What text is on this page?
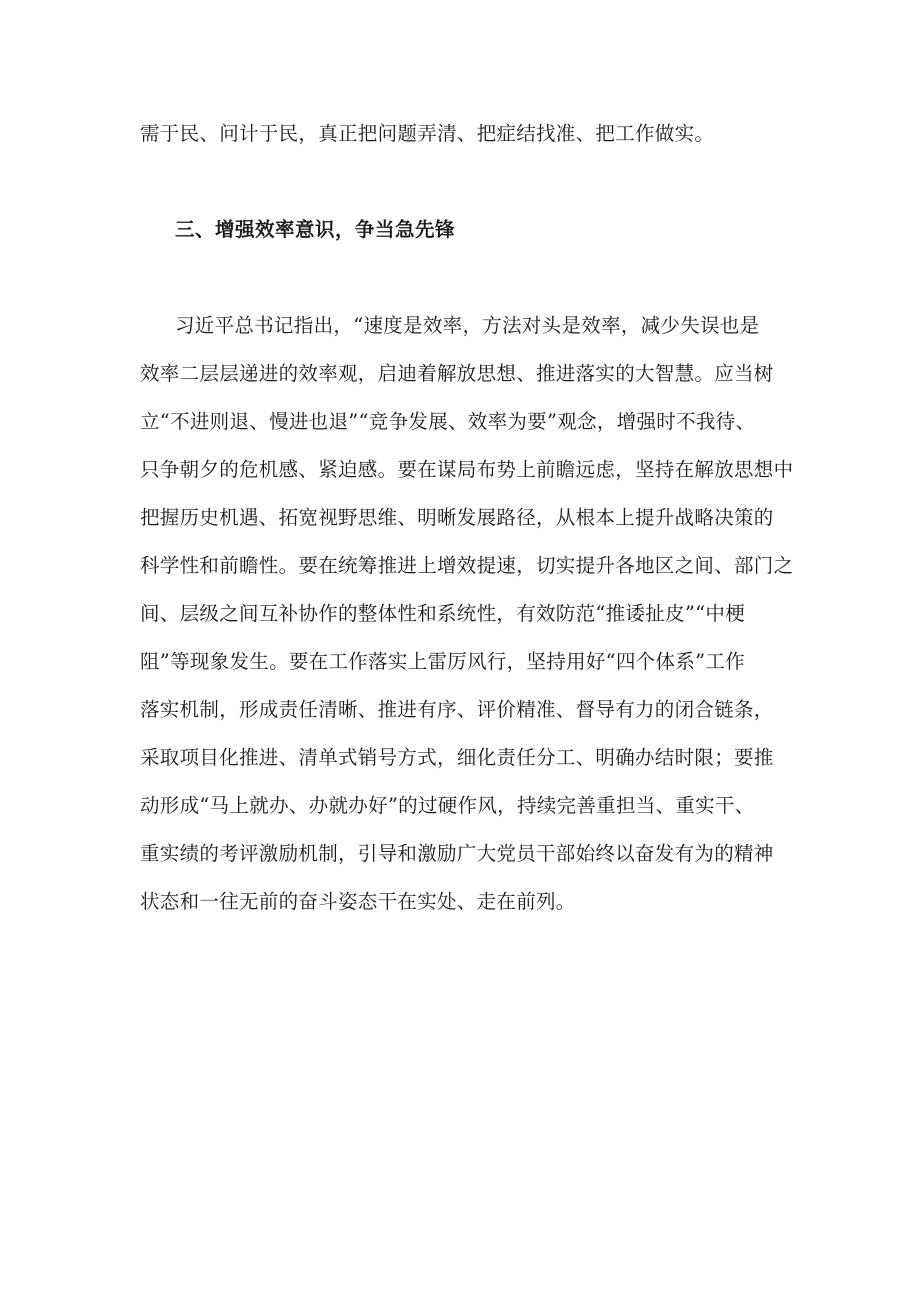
需于民、问计于民，真正把问题弄清、把症结找准、把工作做实。
三、增强效率意识，争当急先锋
习近平总书记指出，“速度是效率，方法对头是效率，减少失误也是
效率二层层递进的效率观，启迪着解放思想、推进落实的大智慧。应当树
立“不进则退、慢进也退”“竞争发展、效率为要”观念，增强时不我待、
只争朝夕的危机感、紧迫感。要在谋局布势上前瞻远虑，坚持在解放思想中
把握历史机遇、拓宽视野思维、明晰发展路径，从根本上提升战略决策的
科学性和前瞻性。要在统筹推进上增效提速，切实提升各地区之间、部门之
间、层级之间互补协作的整体性和系统性，有效防范“推诿扯皮”“中梗
阻”等现象发生。要在工作落实上雷厉风行，坚持用好“四个体系”工作
落实机制，形成责任清晰、推进有序、评价精准、督导有力的闭合链条，
采取项目化推进、清单式销号方式，细化责任分工、明确办结时限；要推
动形成“马上就办、办就办好”的过硬作风，持续完善重担当、重实干、
重实绩的考评激励机制，引导和激励广大党员干部始终以奋发有为的精神
状态和一往无前的奋斗姿态干在实处、走在前列。
